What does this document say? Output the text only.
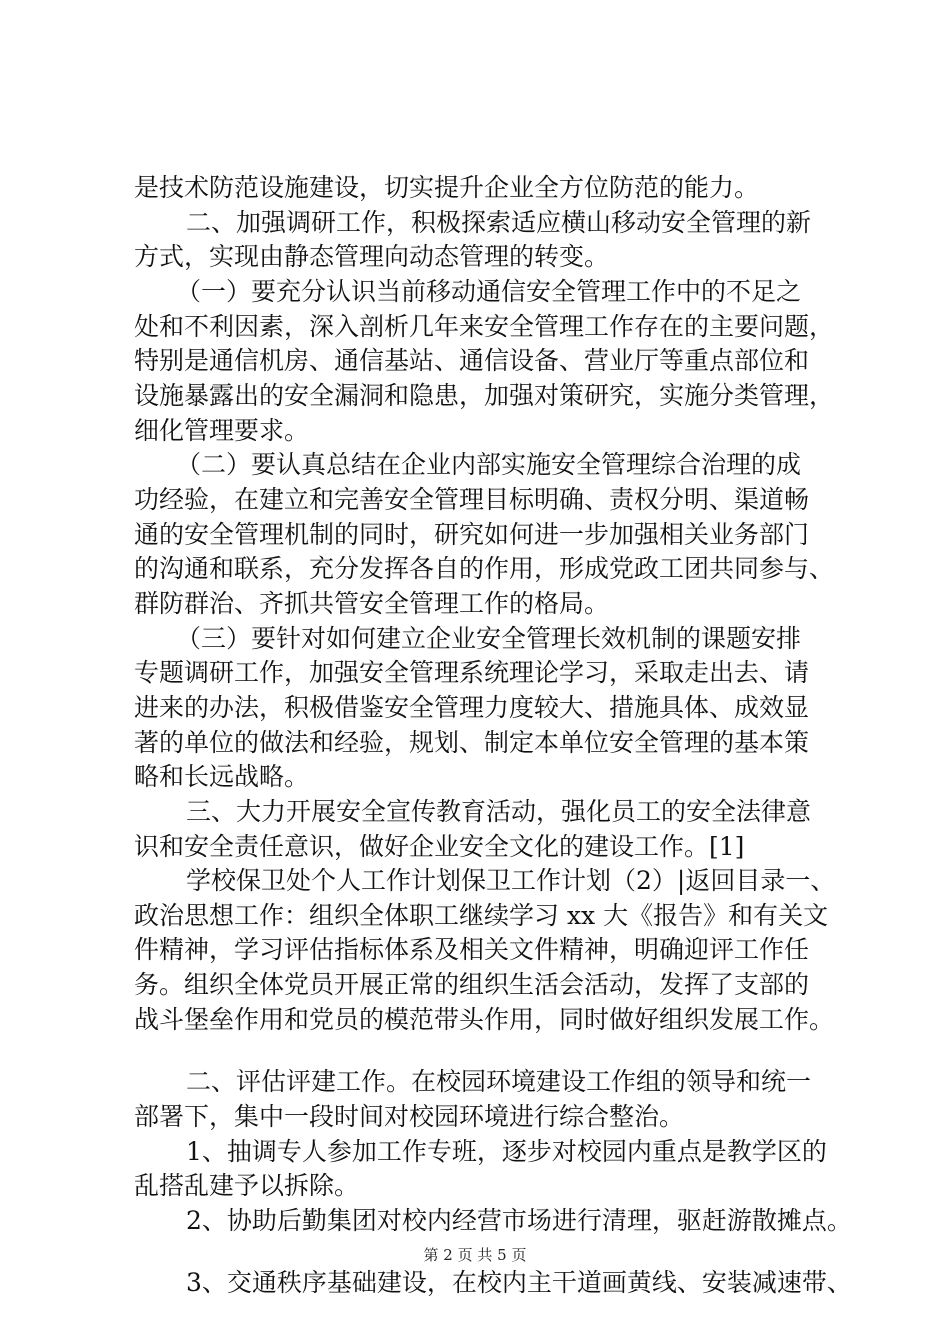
是技术防范设施建设，切实提升企业全方位防范的能力。
二、加强调研工作，积极探索适应横山移动安全管理的新
方式，实现由静态管理向动态管理的转变。
（一）要充分认识当前移动通信安全管理工作中的不足之
处和不利因素，深入剖析几年来安全管理工作存在的主要问题，
特别是通信机房、通信基站、通信设备、营业厅等重点部位和
设施暴露出的安全漏洞和隐患，加强对策研究，实施分类管理，
细化管理要求。
（二）要认真总结在企业内部实施安全管理综合治理的成
功经验，在建立和完善安全管理目标明确、责权分明、渠道畅
通的安全管理机制的同时，研究如何进一步加强相关业务部门
的沟通和联系，充分发挥各自的作用，形成党政工团共同参与、
群防群治、齐抓共管安全管理工作的格局。
（三）要针对如何建立企业安全管理长效机制的课题安排
专题调研工作，加强安全管理系统理论学习，采取走出去、请
进来的办法，积极借鉴安全管理力度较大、措施具体、成效显
著的单位的做法和经验，规划、制定本单位安全管理的基本策
略和长远战略。
三、大力开展安全宣传教育活动，强化员工的安全法律意
识和安全责任意识，做好企业安全文化的建设工作。[1]
学校保卫处个人工作计划保卫工作计划（2）|返回目录一、
政治思想工作：组织全体职工继续学习 xx 大《报告》和有关文
件精神，学习评估指标体系及相关文件精神，明确迎评工作任
务。组织全体党员开展正常的组织生活会活动，发挥了支部的
战斗堡垒作用和党员的模范带头作用，同时做好组织发展工作。
二、评估评建工作。在校园环境建设工作组的领导和统一
部署下，集中一段时间对校园环境进行综合整治。
1、抽调专人参加工作专班，逐步对校园内重点是教学区的
乱搭乱建予以拆除。
2、协助后勤集团对校内经营市场进行清理，驱赶游散摊点。
3、交通秩序基础建设，在校内主干道画黄线、安装减速带、
第 2 页 共 5 页
